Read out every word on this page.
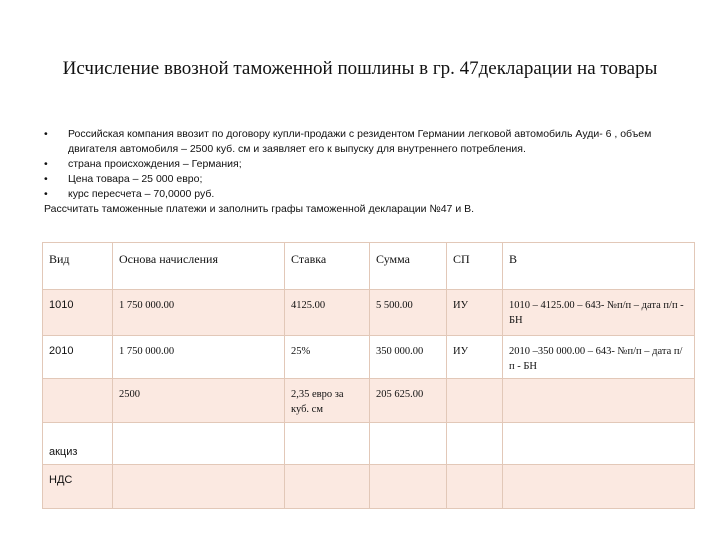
Исчисление ввозной таможенной пошлины в гр. 47декларации на товары
• Российская компания ввозит по договору купли-продажи с резидентом Германии легковой автомобиль Ауди- 6 , объем двигателя автомобиля – 2500 куб. см и заявляет его к выпуску для внутреннего потребления.
• страна происхождения – Германия;
• Цена товара – 25 000 евро;
• курс пересчета – 70,0000 руб.
Рассчитать таможенные платежи и заполнить графы таможенной декларации №47 и В.
Вид	Основа начисления	Ставка	Сумма	СП	В
1010	1 750 000.00	4125.00	5 500.00	ИУ	1010 – 4125.00 – 643- №п/п – дата п/п - БН
2010	1 750 000.00	25%	350 000.00	ИУ	2010 –350 000.00 – 643- №п/п – дата п/п - БН
	2500	2,35 евро за куб. см	205 625.00		
акциз					
НДС					
